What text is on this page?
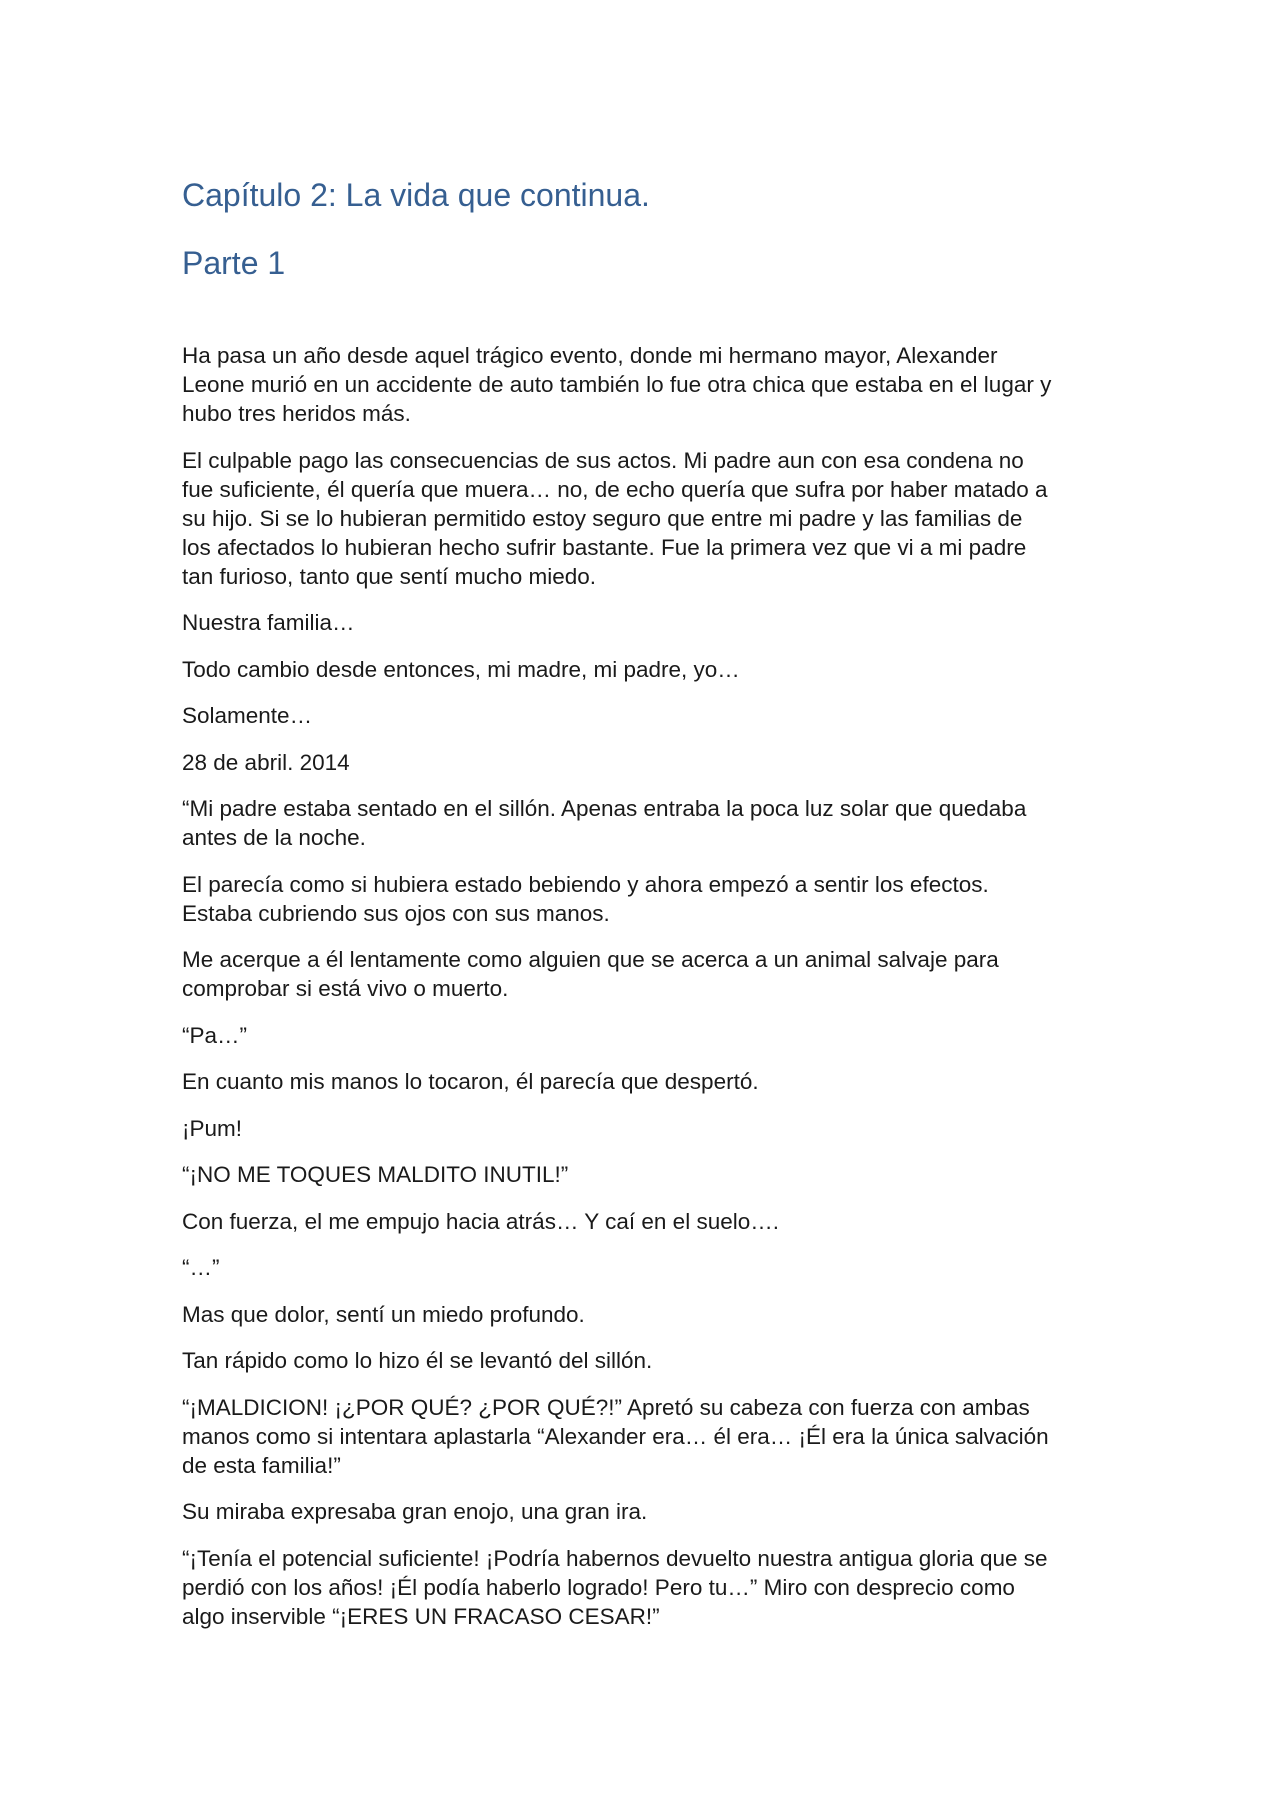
Capítulo 2: La vida que continua.
Parte 1

Ha pasa un año desde aquel trágico evento, donde mi hermano mayor, Alexander
Leone murió en un accidente de auto también lo fue otra chica que estaba en el lugar y
hubo tres heridos más.

El culpable pago las consecuencias de sus actos. Mi padre aun con esa condena no
fue suficiente, él quería que muera… no, de echo quería que sufra por haber matado a
su hijo. Si se lo hubieran permitido estoy seguro que entre mi padre y las familias de
los afectados lo hubieran hecho sufrir bastante. Fue la primera vez que vi a mi padre
tan furioso, tanto que sentí mucho miedo.

Nuestra familia…

Todo cambio desde entonces, mi madre, mi padre, yo…

Solamente…

28 de abril. 2014

“Mi padre estaba sentado en el sillón. Apenas entraba la poca luz solar que quedaba
antes de la noche.

El parecía como si hubiera estado bebiendo y ahora empezó a sentir los efectos.
Estaba cubriendo sus ojos con sus manos.

Me acerque a él lentamente como alguien que se acerca a un animal salvaje para
comprobar si está vivo o muerto.

“Pa…”

En cuanto mis manos lo tocaron, él parecía que despertó.

¡Pum!

“¡NO ME TOQUES MALDITO INUTIL!”

Con fuerza, el me empujo hacia atrás… Y caí en el suelo….

“…”

Mas que dolor, sentí un miedo profundo.

Tan rápido como lo hizo él se levantó del sillón.

“¡MALDICION! ¡¿POR QUÉ? ¿POR QUÉ?!” Apretó su cabeza con fuerza con ambas
manos como si intentara aplastarla “Alexander era… él era… ¡Él era la única salvación
de esta familia!”

Su miraba expresaba gran enojo, una gran ira.

“¡Tenía el potencial suficiente! ¡Podría habernos devuelto nuestra antigua gloria que se
perdió con los años! ¡Él podía haberlo logrado! Pero tu…” Miro con desprecio como
algo inservible “¡ERES UN FRACASO CESAR!”
